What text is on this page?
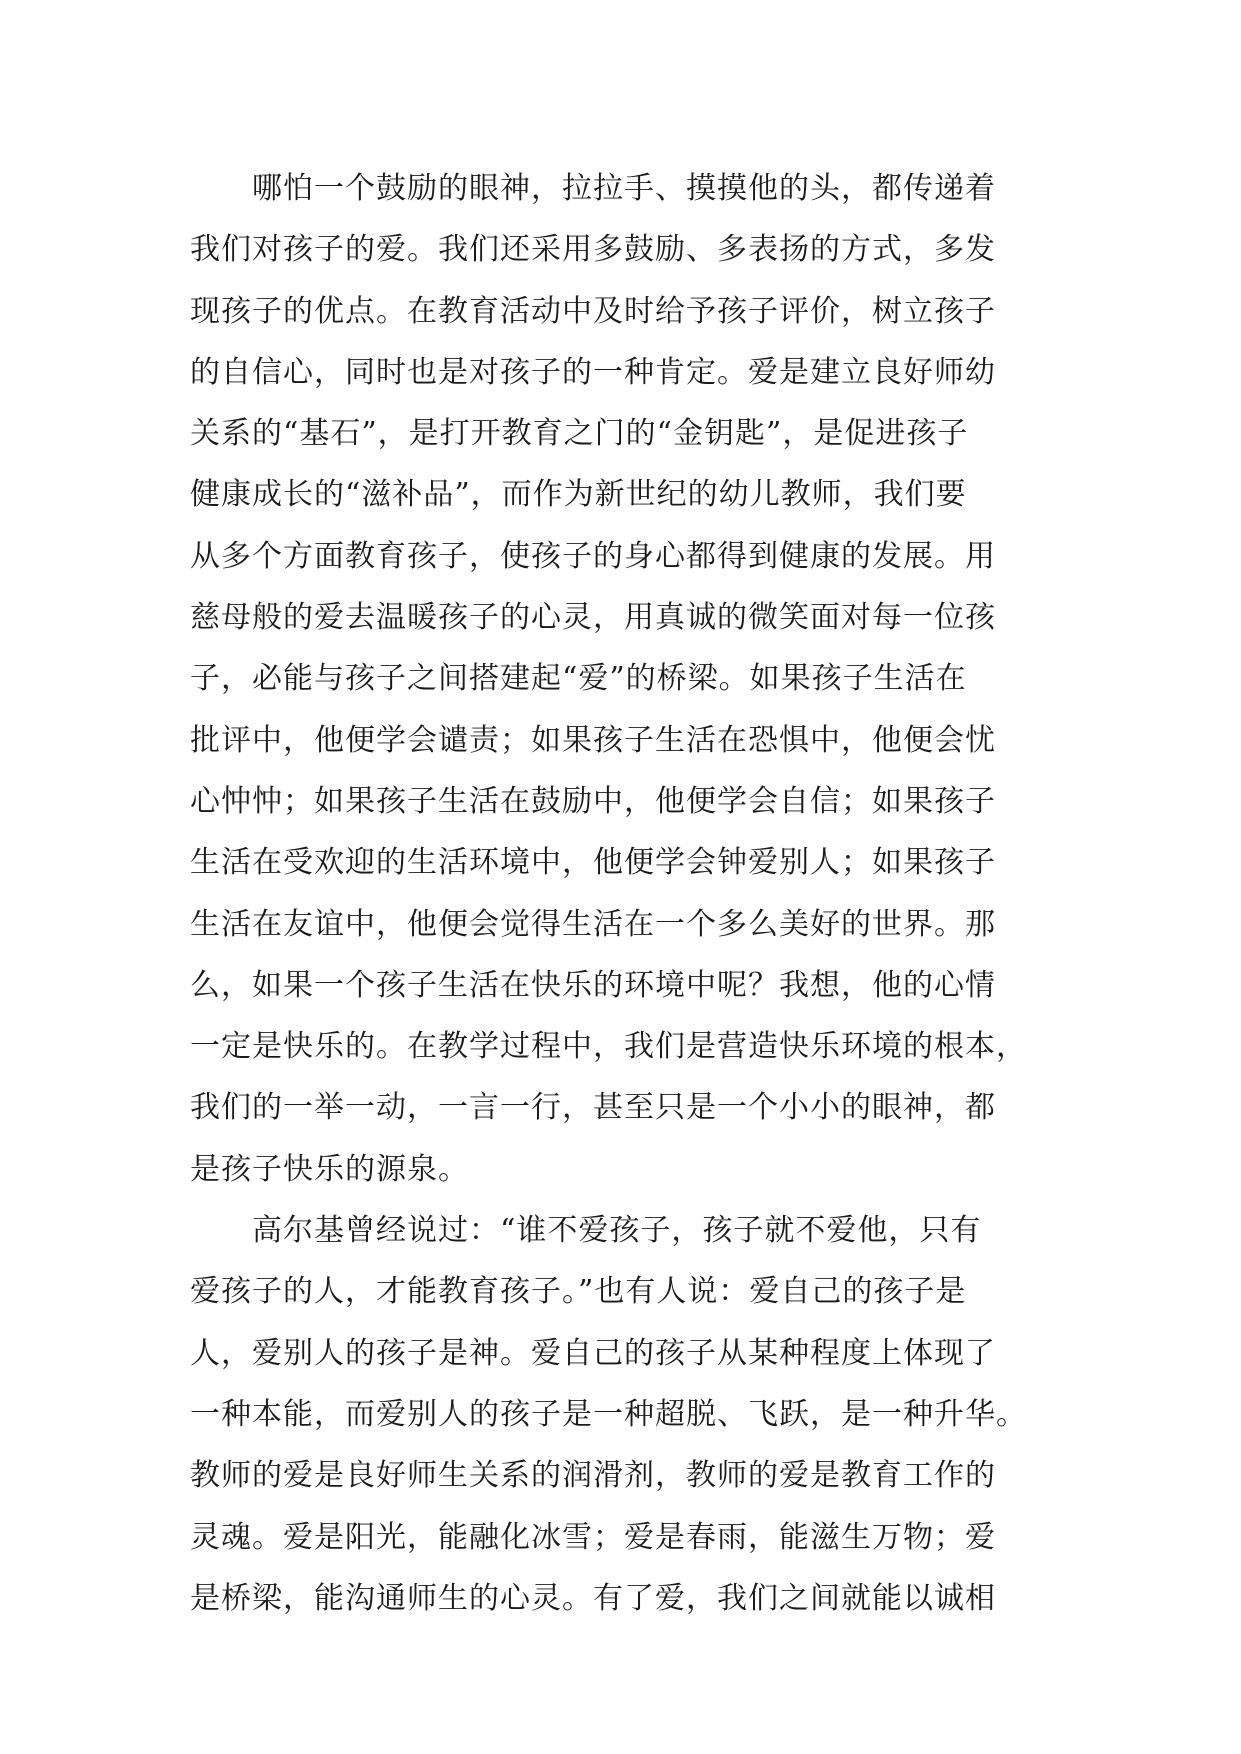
　　哪怕一个鼓励的眼神，拉拉手、摸摸他的头，都传递着
我们对孩子的爱。我们还采用多鼓励、多表扬的方式，多发
现孩子的优点。在教育活动中及时给予孩子评价，树立孩子
的自信心，同时也是对孩子的一种肯定。爱是建立良好师幼
关系的“基石”，是打开教育之门的“金钥匙”，是促进孩子
健康成长的“滋补品”，而作为新世纪的幼儿教师，我们要
从多个方面教育孩子，使孩子的身心都得到健康的发展。用
慈母般的爱去温暖孩子的心灵，用真诚的微笑面对每一位孩
子，必能与孩子之间搭建起“爱”的桥梁。如果孩子生活在
批评中，他便学会谴责；如果孩子生活在恐惧中，他便会忧
心忡忡；如果孩子生活在鼓励中，他便学会自信；如果孩子
生活在受欢迎的生活环境中，他便学会钟爱别人；如果孩子
生活在友谊中，他便会觉得生活在一个多么美好的世界。那
么，如果一个孩子生活在快乐的环境中呢？我想，他的心情
一定是快乐的。在教学过程中，我们是营造快乐环境的根本，
我们的一举一动，一言一行，甚至只是一个小小的眼神，都
是孩子快乐的源泉。
　　高尔基曾经说过：“谁不爱孩子，孩子就不爱他，只有
爱孩子的人，才能教育孩子。”也有人说：爱自己的孩子是
人，爱别人的孩子是神。爱自己的孩子从某种程度上体现了
一种本能，而爱别人的孩子是一种超脱、飞跃，是一种升华。
教师的爱是良好师生关系的润滑剂，教师的爱是教育工作的
灵魂。爱是阳光，能融化冰雪；爱是春雨，能滋生万物；爱
是桥梁，能沟通师生的心灵。有了爱，我们之间就能以诚相
